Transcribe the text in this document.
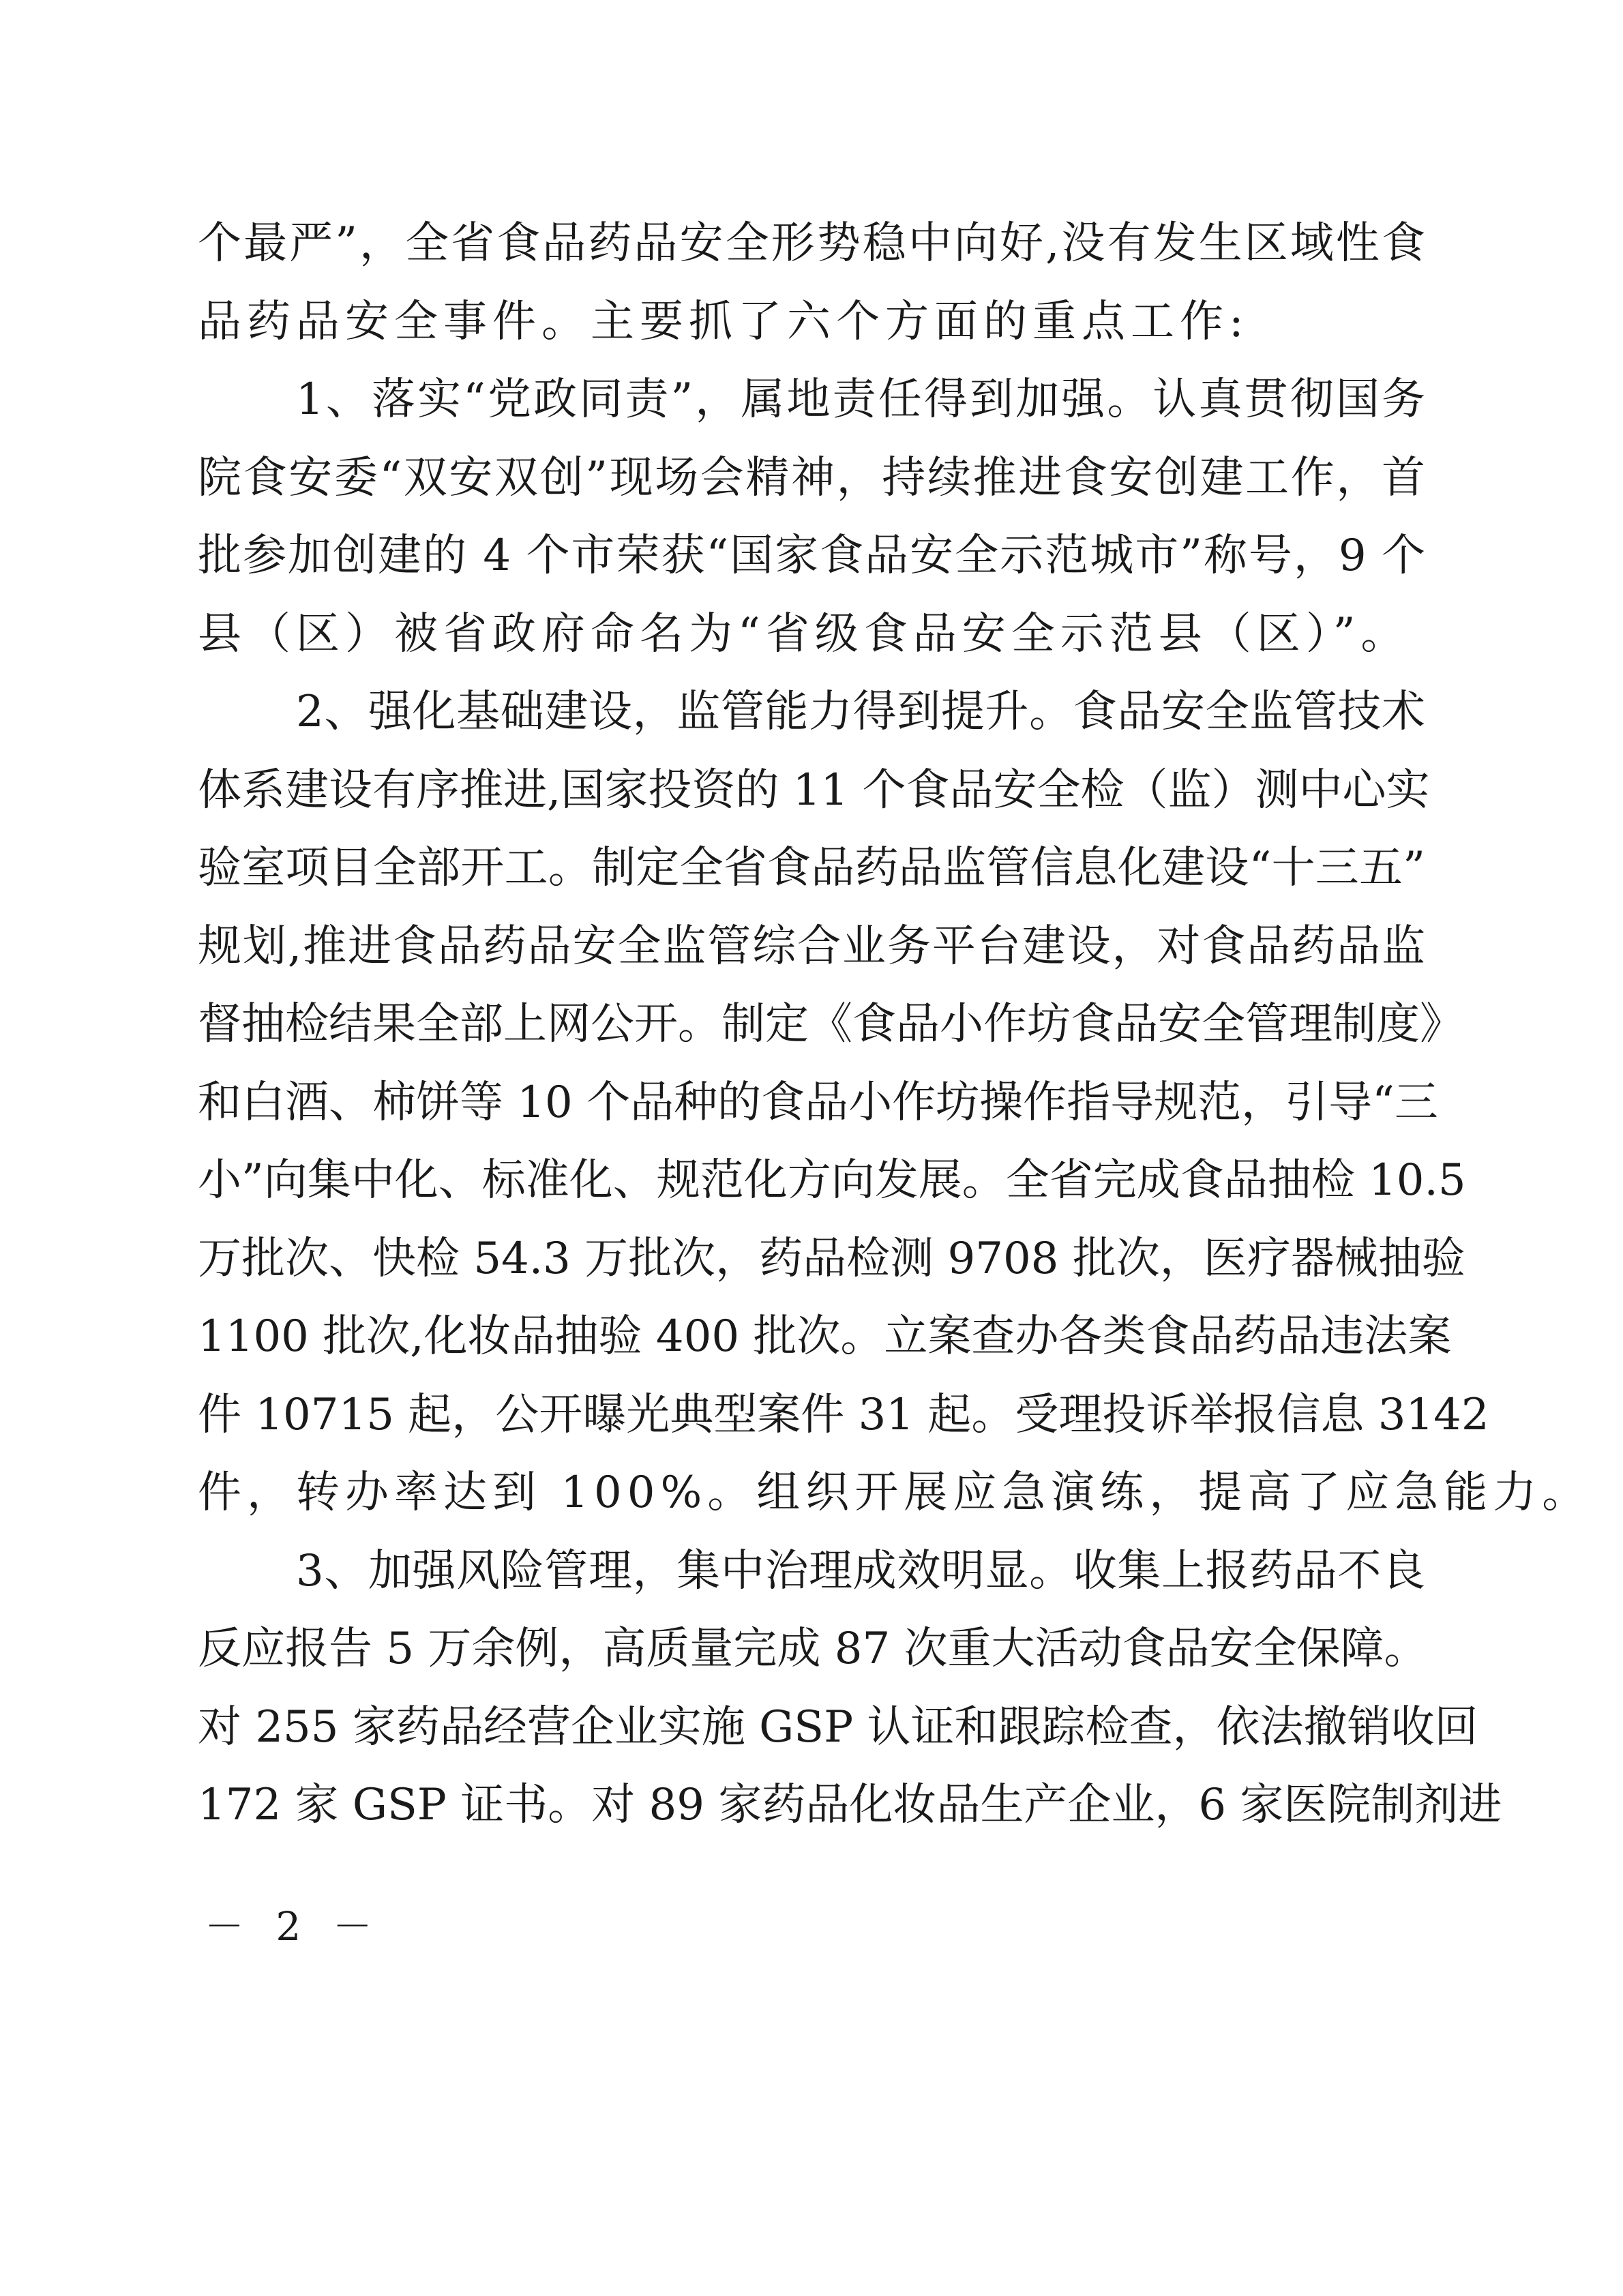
个最严”，全省食品药品安全形势稳中向好,没有发生区域性食
品药品安全事件。主要抓了六个方面的重点工作:
1、落实“党政同责”，属地责任得到加强。认真贯彻国务
院食安委“双安双创”现场会精神，持续推进食安创建工作，首
批参加创建的 4 个市荣获“国家食品安全示范城市”称号，9 个
县（区）被省政府命名为“省级食品安全示范县（区）”。
2、强化基础建设，监管能力得到提升。食品安全监管技术
体系建设有序推进,国家投资的 11 个食品安全检（监）测中心实
验室项目全部开工。制定全省食品药品监管信息化建设“十三五”
规划,推进食品药品安全监管综合业务平台建设，对食品药品监
督抽检结果全部上网公开。制定《食品小作坊食品安全管理制度》
和白酒、柿饼等 10 个品种的食品小作坊操作指导规范，引导“三
小”向集中化、标准化、规范化方向发展。全省完成食品抽检 10.5
万批次、快检 54.3 万批次，药品检测 9708 批次，医疗器械抽验
1100 批次,化妆品抽验 400 批次。立案查办各类食品药品违法案
件 10715 起，公开曝光典型案件 31 起。受理投诉举报信息 3142
件，转办率达到 100%。组织开展应急演练，提高了应急能力。
3、加强风险管理，集中治理成效明显。收集上报药品不良
反应报告 5 万余例，高质量完成 87 次重大活动食品安全保障。
对 255 家药品经营企业实施 GSP 认证和跟踪检查，依法撤销收回
172 家 GSP 证书。对 89 家药品化妆品生产企业，6 家医院制剂进
－ 2 －
